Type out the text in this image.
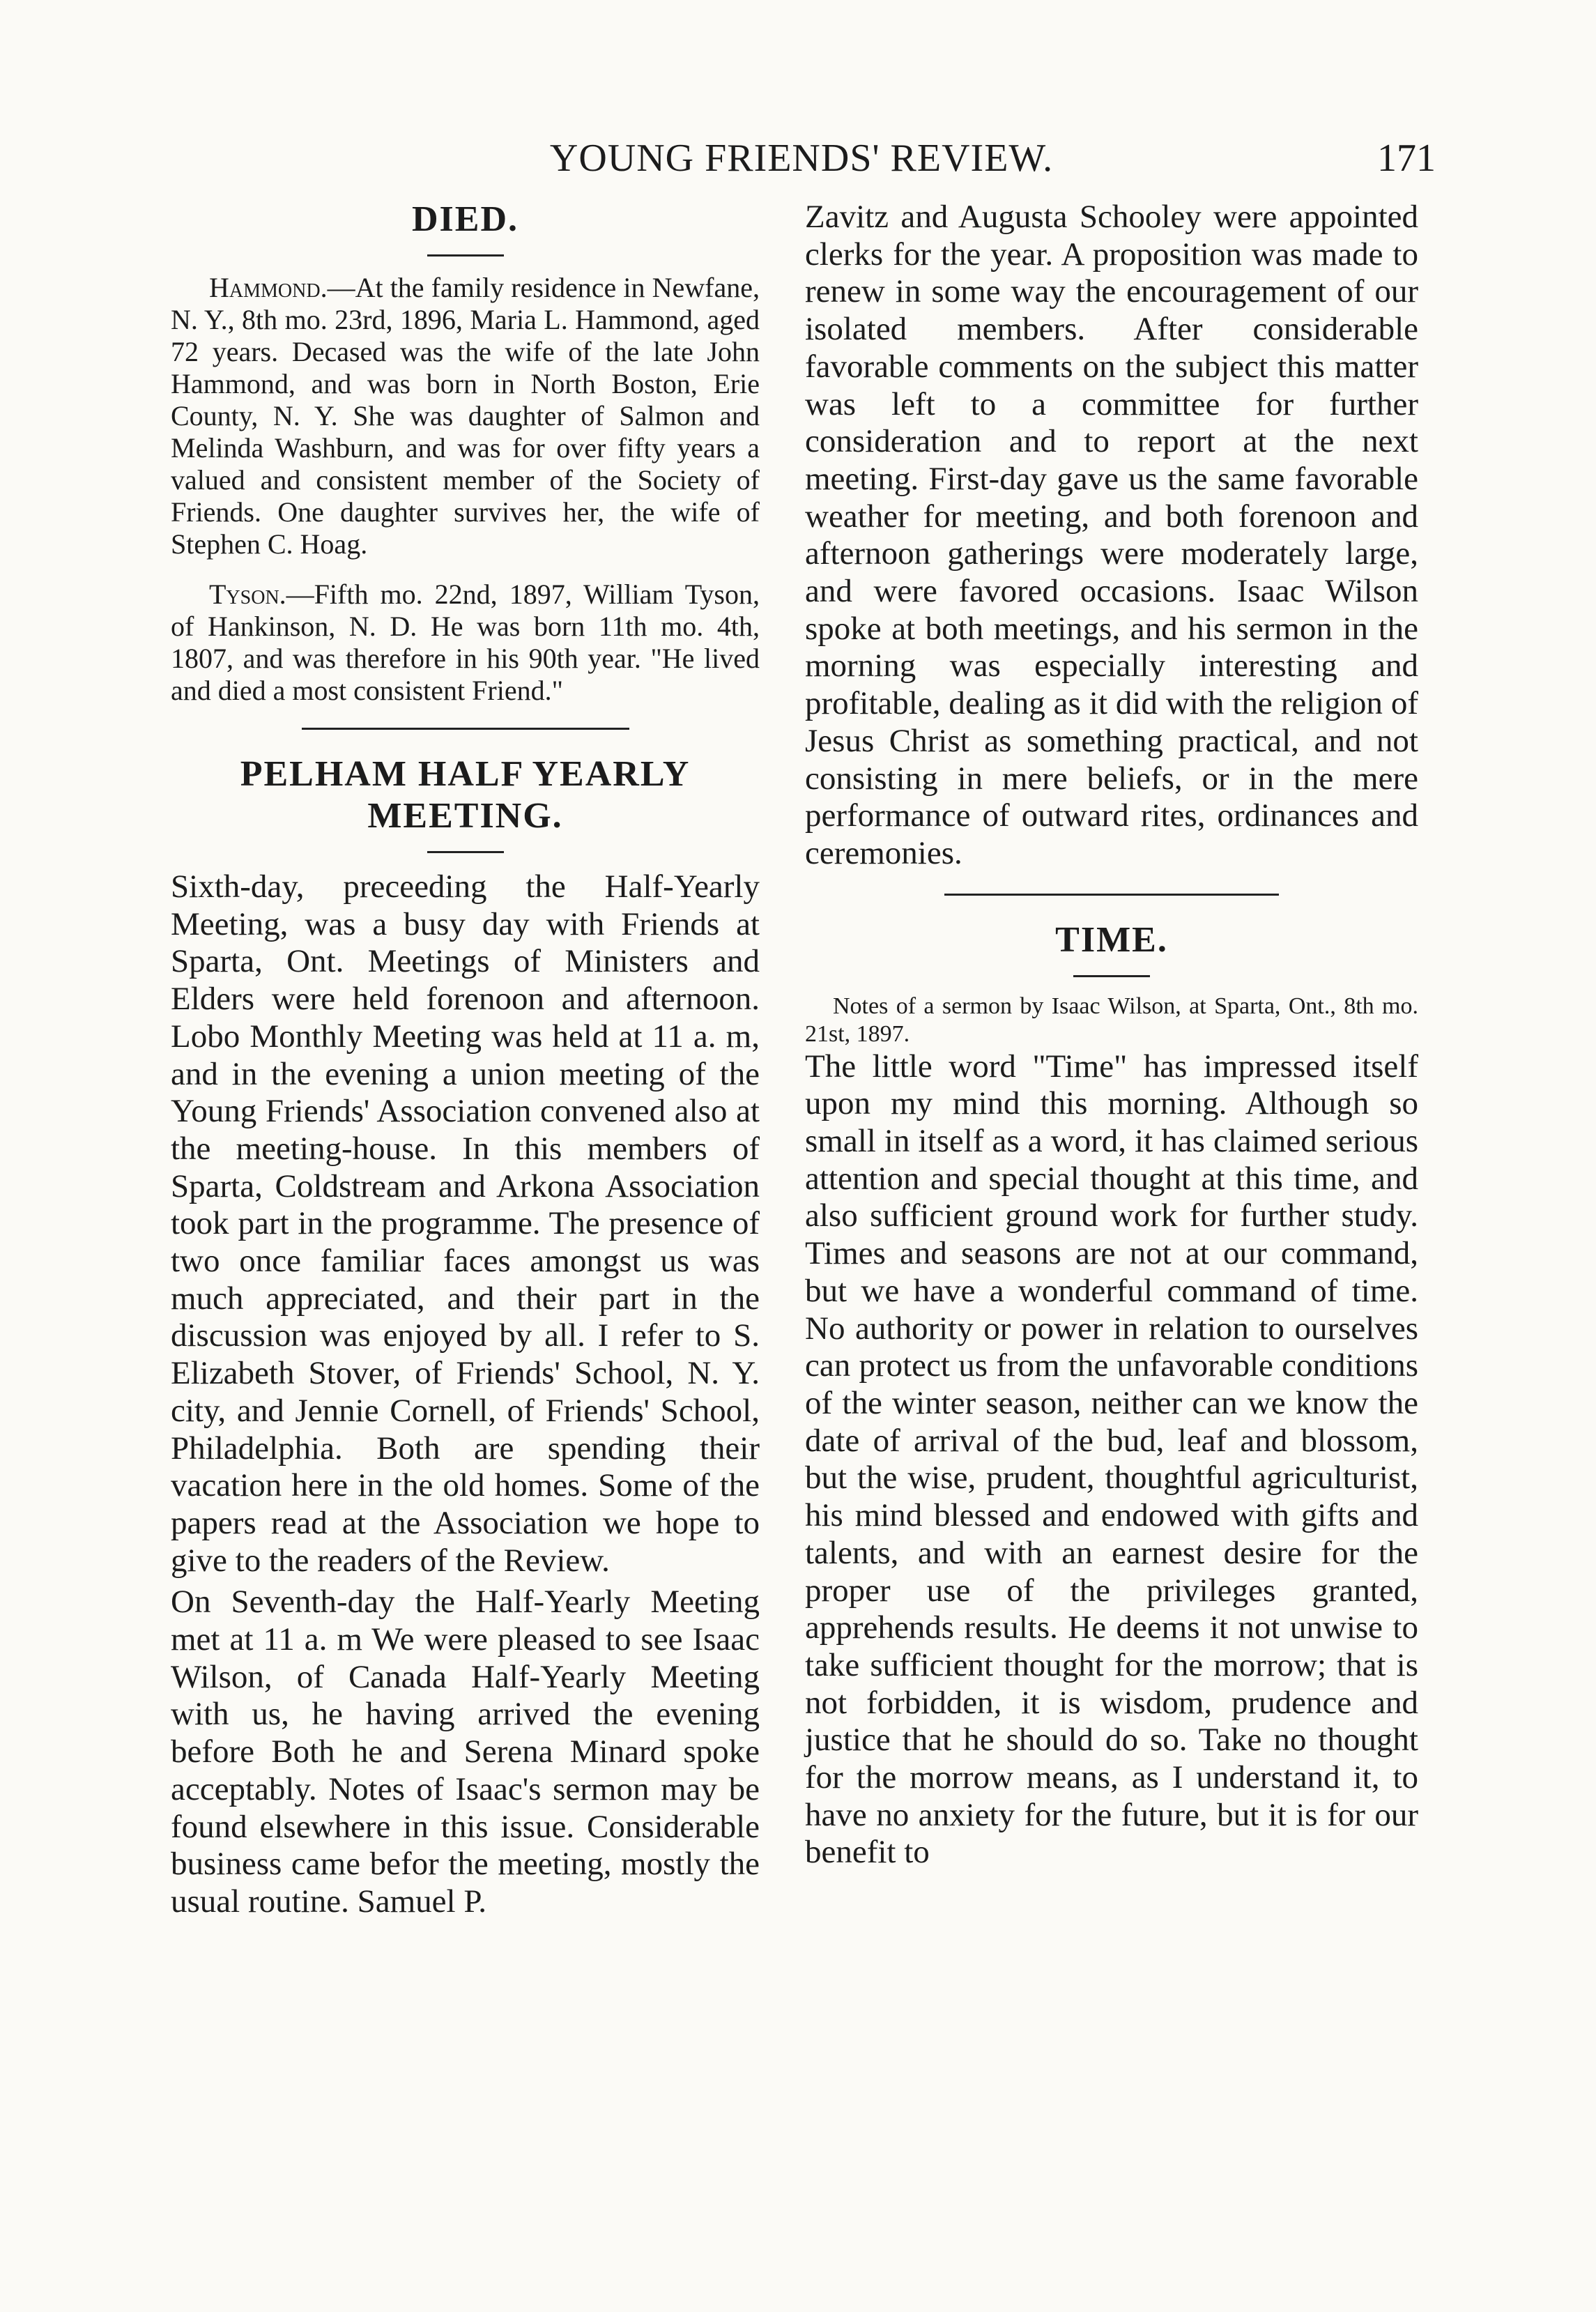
YOUNG FRIENDS' REVIEW.	171
DIED.

Hammond.—At the family residence in Newfane, N. Y., 8th mo. 23rd, 1896, Maria L. Hammond, aged 72 years. Decased was the wife of the late John Hammond, and was born in North Boston, Erie County, N. Y. She was daughter of Salmon and Melinda Washburn, and was for over fifty years a valued and consistent member of the Society of Friends. One daughter survives her, the wife of Stephen C. Hoag.

Tyson.—Fifth mo. 22nd, 1897, William Tyson, of Hankinson, N. D. He was born 11th mo. 4th, 1807, and was therefore in his 90th year. "He lived and died a most consistent Friend."

PELHAM HALF YEARLY
MEETING.

Sixth-day, preceeding the Half-Yearly Meeting, was a busy day with Friends at Sparta, Ont. Meetings of Ministers and Elders were held forenoon and afternoon. Lobo Monthly Meeting was held at 11 a. m, and in the evening a union meeting of the Young Friends' Association convened also at the meeting-house. In this members of Sparta, Coldstream and Arkona Association took part in the programme. The presence of two once familiar faces amongst us was much appreciated, and their part in the discussion was enjoyed by all. I refer to S. Elizabeth Stover, of Friends' School, N. Y. city, and Jennie Cornell, of Friends' School, Philadelphia. Both are spending their vacation here in the old homes. Some of the papers read at the Association we hope to give to the readers of the Review.

On Seventh-day the Half-Yearly Meeting met at 11 a. m We were pleased to see Isaac Wilson, of Canada Half-Yearly Meeting with us, he having arrived the evening before Both he and Serena Minard spoke acceptably. Notes of Isaac's sermon may be found elsewhere in this issue. Considerable business came befor the meeting, mostly the usual routine. Samuel P.

Zavitz and Augusta Schooley were appointed clerks for the year. A proposition was made to renew in some way the encouragement of our isolated members. After considerable favorable comments on the subject this matter was left to a committee for further consideration and to report at the next meeting. First-day gave us the same favorable weather for meeting, and both forenoon and afternoon gatherings were moderately large, and were favored occasions. Isaac Wilson spoke at both meetings, and his sermon in the morning was especially interesting and profitable, dealing as it did with the religion of Jesus Christ as something practical, and not consisting in mere beliefs, or in the mere performance of outward rites, ordinances and ceremonies.

TIME.

Notes of a sermon by Isaac Wilson, at Sparta, Ont., 8th mo. 21st, 1897.

The little word "Time" has impressed itself upon my mind this morning. Although so small in itself as a word, it has claimed serious attention and special thought at this time, and also sufficient ground work for further study. Times and seasons are not at our command, but we have a wonderful command of time. No authority or power in relation to ourselves can protect us from the unfavorable conditions of the winter season, neither can we know the date of arrival of the bud, leaf and blossom, but the wise, prudent, thoughtful agriculturist, his mind blessed and endowed with gifts and talents, and with an earnest desire for the proper use of the privileges granted, apprehends results. He deems it not unwise to take sufficient thought for the morrow; that is not forbidden, it is wisdom, prudence and justice that he should do so. Take no thought for the morrow means, as I understand it, to have no anxiety for the future, but it is for our benefit to
